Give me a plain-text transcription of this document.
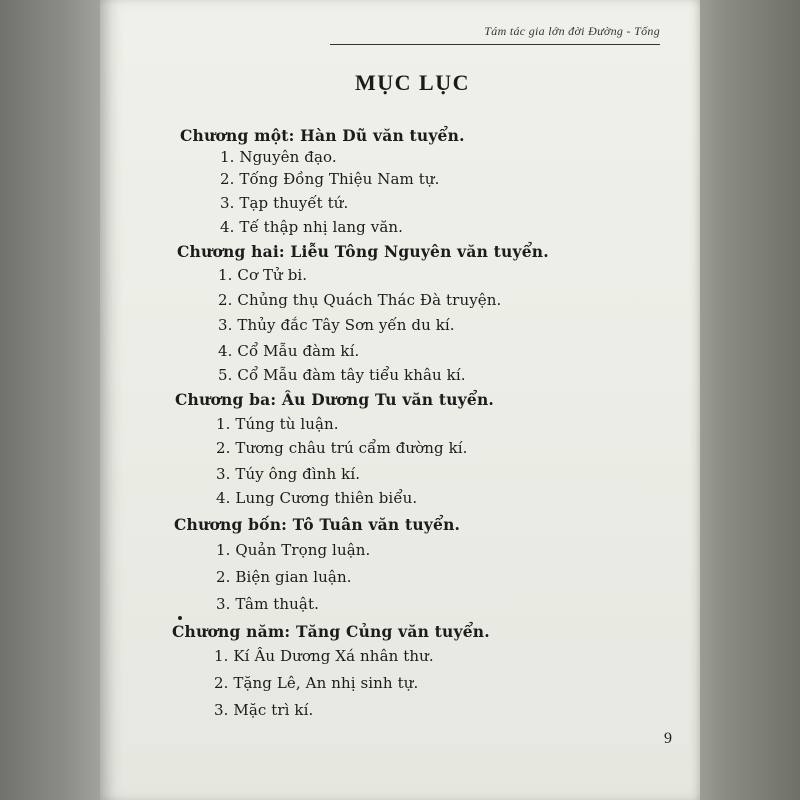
Tám tác gia lớn đời Đường - Tống
MỤC LỤC
Chương một: Hàn Dũ văn tuyển.
1. Nguyên đạo.
2. Tống Đồng Thiệu Nam tự.
3. Tạp thuyết tứ.
4. Tế thập nhị lang văn.
Chương hai: Liễu Tông Nguyên văn tuyển.
1. Cơ Tử bi.
2. Chủng thụ Quách Thác Đà truyện.
3. Thủy đắc Tây Sơn yến du kí.
4. Cổ Mẫu đàm kí.
5. Cổ Mẫu đàm tây tiểu khâu kí.
Chương ba: Âu Dương Tu văn tuyển.
1. Túng tù luận.
2. Tương châu trú cẩm đường kí.
3. Túy ông đình kí.
4. Lung Cương thiên biểu.
Chương bốn: Tô Tuân văn tuyển.
1. Quản Trọng luận.
2. Biện gian luận.
3. Tâm thuật.
Chương năm: Tăng Củng văn tuyển.
1. Kí Âu Dương Xá nhân thư.
2. Tặng Lê, An nhị sinh tự.
3. Mặc trì kí.
9
